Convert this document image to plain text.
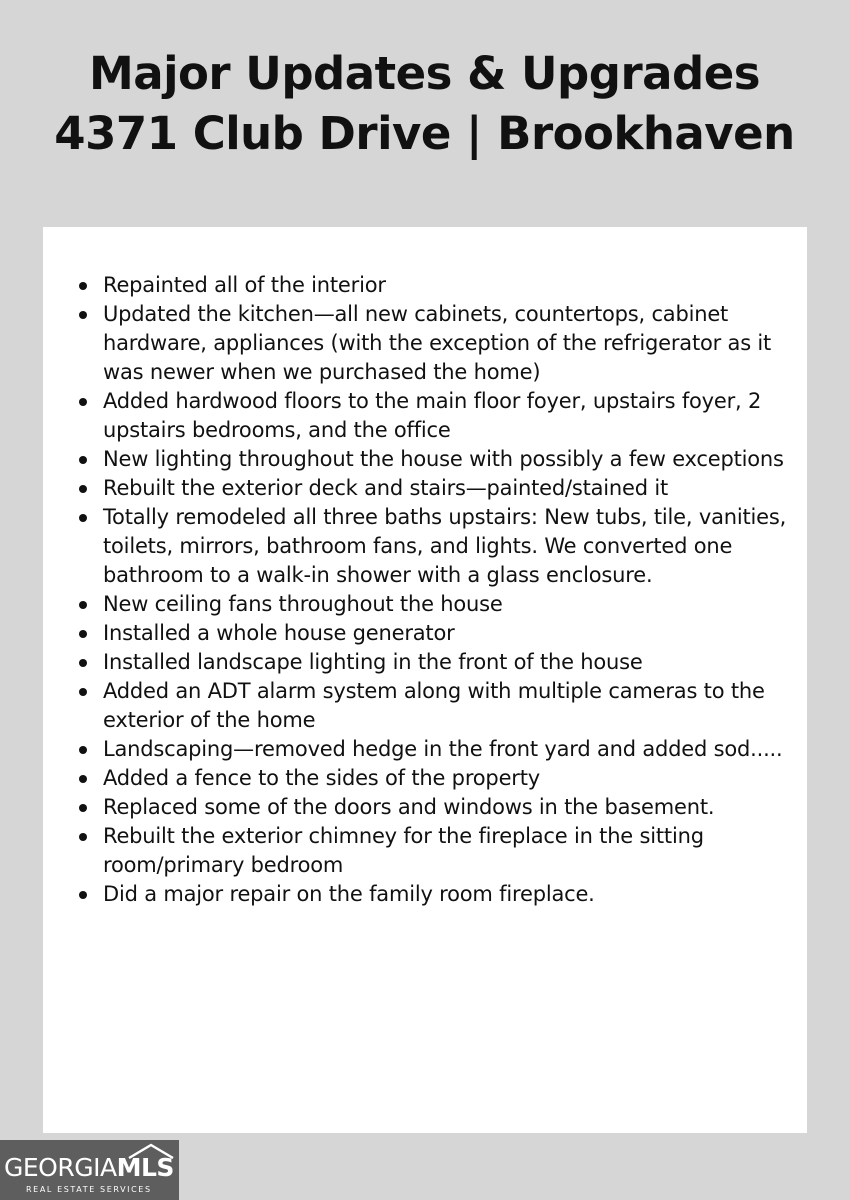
Major Updates & Upgrades
4371 Club Drive | Brookhaven
Repainted all of the interior
Updated the kitchen—all new cabinets, countertops, cabinet hardware, appliances (with the exception of the refrigerator as it was newer when we purchased the home)
Added hardwood floors to the main floor foyer, upstairs foyer, 2 upstairs bedrooms, and the office
New lighting throughout the house with possibly a few exceptions
Rebuilt the exterior deck and stairs—painted/stained it
Totally remodeled all three baths upstairs: New tubs, tile, vanities, toilets, mirrors, bathroom fans, and lights. We converted one bathroom to a walk-in shower with a glass enclosure.
New ceiling fans throughout the house
Installed a whole house generator
Installed landscape lighting in the front of the house
Added an ADT alarm system along with multiple cameras to the exterior of the home
Landscaping—removed hedge in the front yard and added sod.....
Added a fence to the sides of the property
Replaced some of the doors and windows in the basement.
Rebuilt the exterior chimney for the fireplace in the sitting room/primary bedroom
Did a major repair on the family room fireplace.
GEORGIAMLS
REAL ESTATE SERVICES
